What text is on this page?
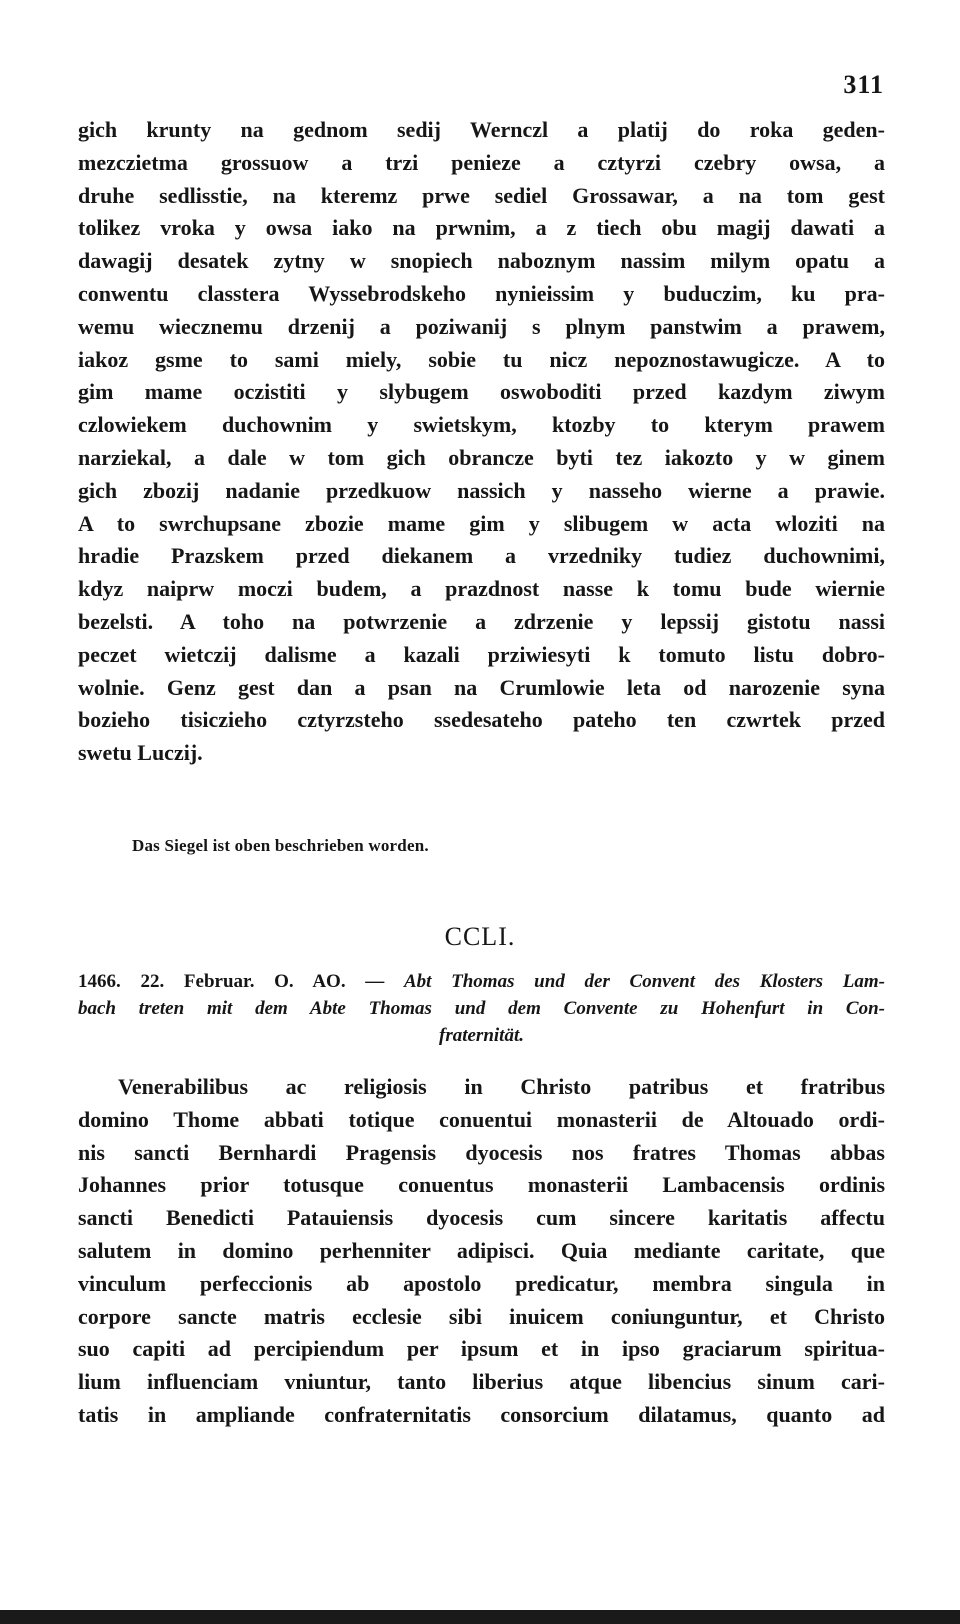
311
gich krunty na gednom sedij Wernczl a platij do roka geden-
mezczietma grossuow a trzi penieze a cztyrzi czebry owsa, a
druhe sedlisstie, na kteremz prwe sediel Grossawar, a na tom gest
tolikez vroka y owsa iako na prwnim, a z tiech obu magij dawati a
dawagij desatek zytny w snopiech naboznym nassim milym opatu a
conwentu classtera Wyssebrodskeho nynieissim y buduczim, ku pra-
wemu wiecznemu drzenij a poziwanij s plnym panstwim a prawem,
iakoz gsme to sami miely, sobie tu nicz nepoznostawugicze. A to
gim mame oczistiti y slybugem oswoboditi przed kazdym ziwym
czlowiekem duchownim y swietskym, ktozby to kterym prawem
narziekal, a dale w tom gich obrancze byti tez iakozto y w ginem
gich zbozij nadanie przedkuow nassich y nasseho wierne a prawie.
A to swrchupsane zbozie mame gim y slibugem w acta wloziti na
hradie Prazskem przed diekanem a vrzedniky tudiez duchownimi,
kdyz naiprw moczi budem, a prazdnost nasse k tomu bude wiernie
bezelsti. A toho na potwrzenie a zdrzenie y lepssij gistotu nassi
peczet wietczij dalisme a kazali prziwiesyti k tomuto listu dobro-
wolnie. Genz gest dan a psan na Crumlowie leta od narozenie syna
bozieho tisiczieho cztyrzsteho ssedesateho pateho ten czwrtek przed
swetu Luczij.
Das Siegel ist oben beschrieben worden.
CCLI.
1466. 22. Februar. O. AO. — Abt Thomas und der Convent des Klosters Lam-
bach treten mit dem Abte Thomas und dem Convente zu Hohenfurt in Con-
fraternität.
Venerabilibus ac religiosis in Christo patribus et fratribus
domino Thome abbati totique conuentui monasterii de Altouado ordi-
nis sancti Bernhardi Pragensis dyocesis nos fratres Thomas abbas
Johannes prior totusque conuentus monasterii Lambacensis ordinis
sancti Benedicti Patauiensis dyocesis cum sincere karitatis affectu
salutem in domino perhenniter adipisci. Quia mediante caritate, que
vinculum perfeccionis ab apostolo predicatur, membra singula in
corpore sancte matris ecclesie sibi inuicem coniunguntur, et Christo
suo capiti ad percipiendum per ipsum et in ipso graciarum spiritua-
lium influenciam vniuntur, tanto liberius atque libencius sinum cari-
tatis in ampliande confraternitatis consorcium dilatamus, quanto ad
